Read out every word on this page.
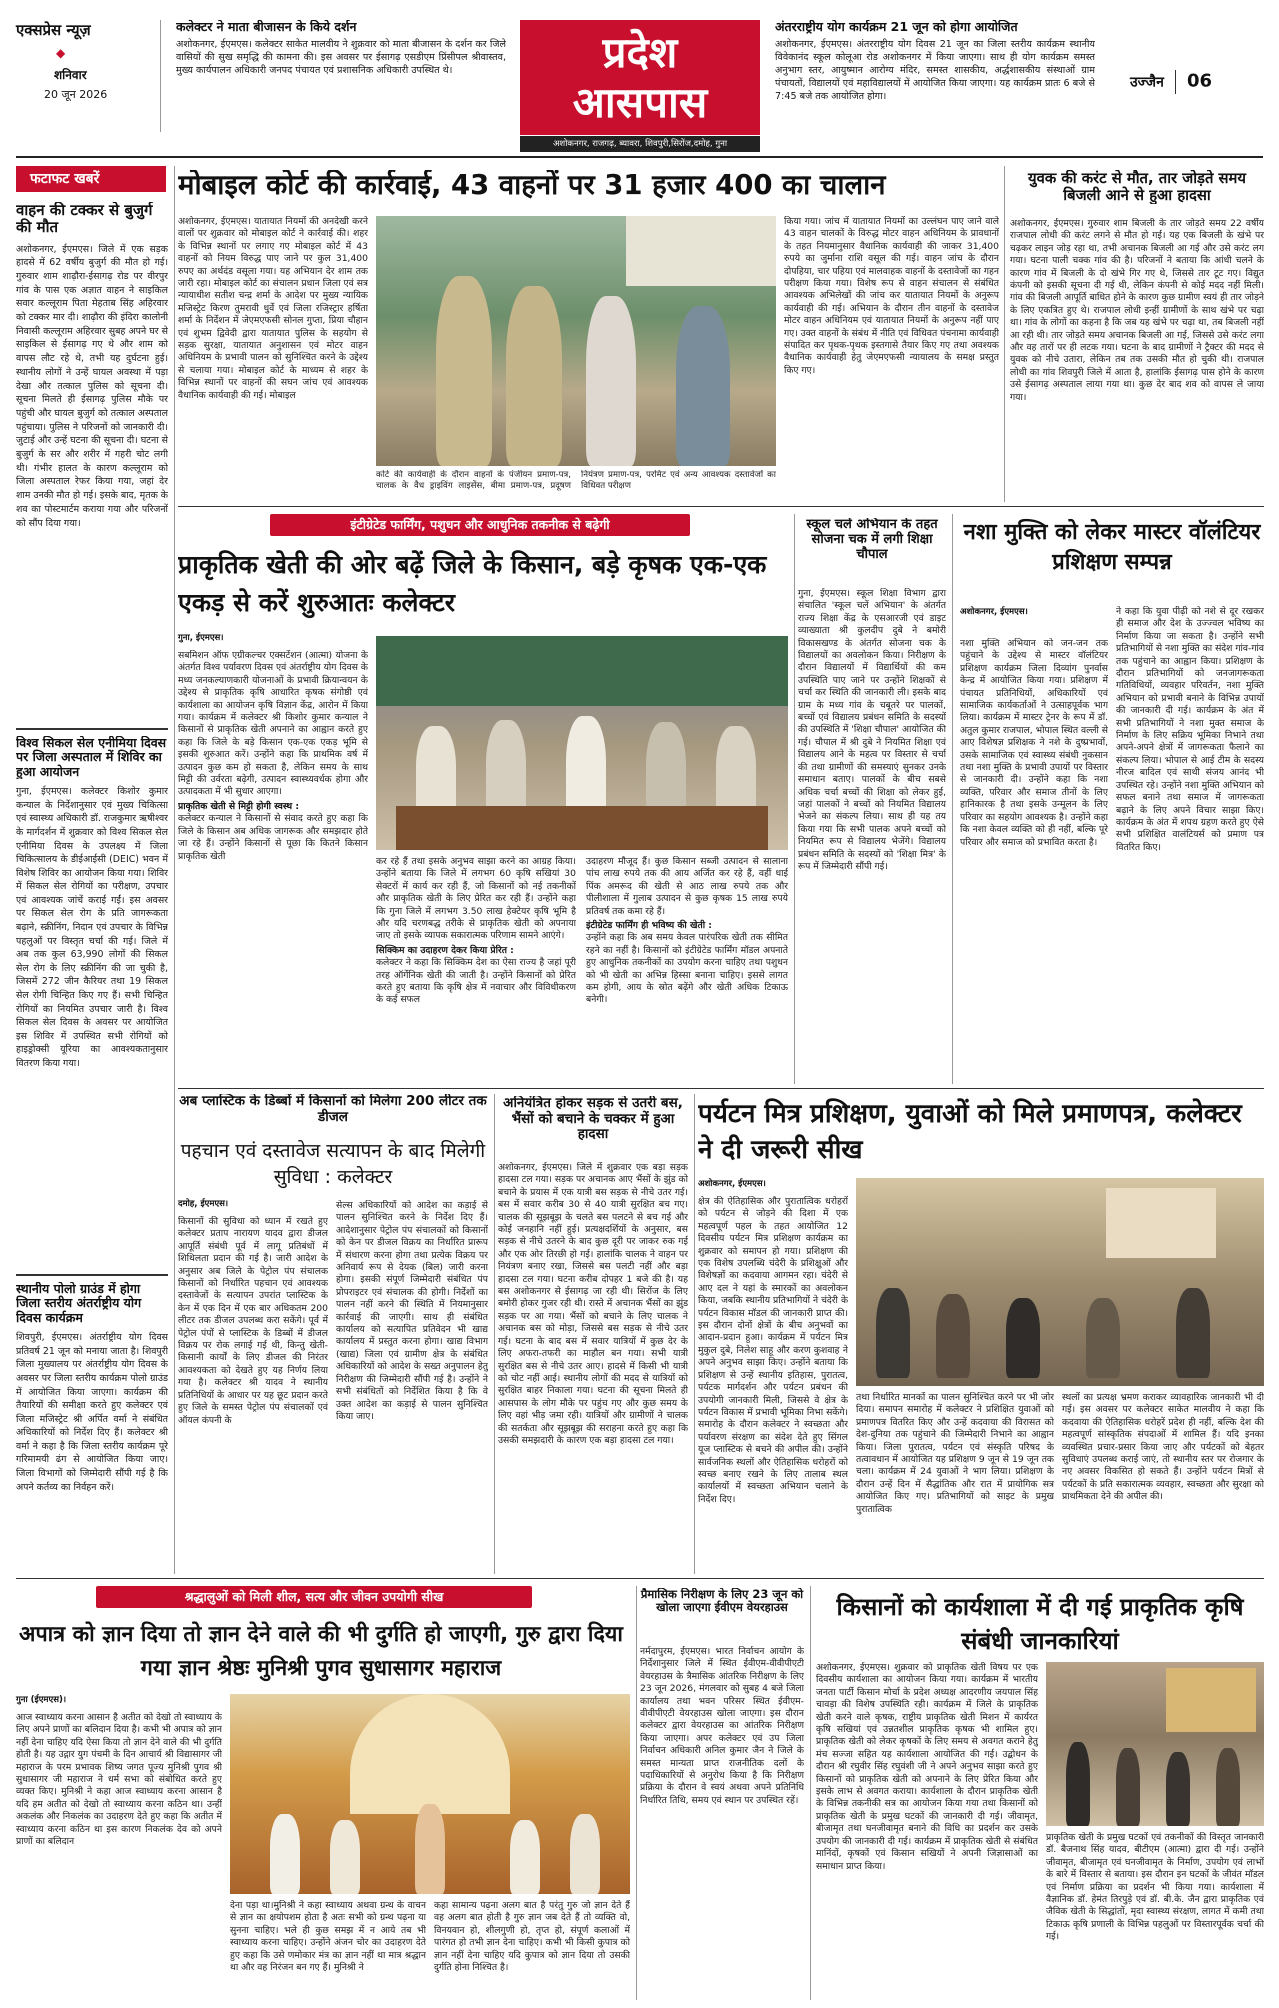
एक्सप्रेस न्यूज़
◆
शनिवार
20 जून 2026
कलेक्टर ने माता बीजासन के किये दर्शन
अशोकनगर, ईएमएस। कलेक्टर साकेत मालवीय ने शुक्रवार को माता बीजासन के दर्शन कर जिले वासियों की सुख समृद्धि की कामना की। इस अवसर पर ईसागढ़ एसडीएम प्रिंसीपल श्रीवास्तव, मुख्य कार्यपालन अधिकारी जनपद पंचायत एवं प्रशासनिक अधिकारी उपस्थित थे।	प्रदेश
आसपास
अशोकनगर, राजगढ़, ब्यावरा, शिवपुरी,सिरोंज,दमोह, गुना
अंतरराष्ट्रीय योग कार्यक्रम 21 जून को होगा आयोजित
अशोकनगर, ईएमएस। अंतरराष्ट्रीय योग दिवस 21 जून का जिला स्तरीय कार्यक्रम स्थानीय विवेकानंद स्कूल कोलूआ रोड अशोकनगर में किया जाएगा। साथ ही योग कार्यक्रम समस्त अनुभाग स्तर, आयुष्मान आरोग्य मंदिर, समस्त शासकीय, अर्द्धशासकीय संस्थाओं ग्राम पंचायतों, विद्यालयों एवं महाविद्यालयों में आयोजित किया जाएगा। यह कार्यक्रम प्रातः 6 बजे से 7:45 बजे तक आयोजित होगा।
उज्जैन 06
फटाफट खबरें
वाहन की टक्कर से बुजुर्ग की मौत
अशोकनगर, ईएमएस। जिले में एक सड़क हादसे में 62 वर्षीय बुजुर्ग की मौत हो गई। गुरुवार शाम शाढ़ौरा-ईसागढ़ रोड पर वीरपुर गांव के पास एक अज्ञात वाहन ने साइकिल सवार कल्लूराम पिता मेहताब सिंह अहिरवार को टक्कर मार दी। शाढ़ौरा की इंदिरा कालोनी निवासी कल्लूराम अहिरवार सुबह अपने घर से साइकिल से ईसागढ़ गए थे और शाम को वापस लौट रहे थे, तभी यह दुर्घटना हुई। स्थानीय लोगों ने उन्हें घायल अवस्था में पड़ा देखा और तत्काल पुलिस को सूचना दी। सूचना मिलते ही ईसागढ़ पुलिस मौके पर पहुंची और घायल बुजुर्ग को तत्काल अस्पताल पहुंचाया। पुलिस ने परिजनों को जानकारी दी। जुटाई और उन्हें घटना की सूचना दी। घटना से बुजुर्ग के सर और शरीर में गहरी चोट लगी थी। गंभीर हालत के कारण कल्लूराम को जिला अस्पताल रेफर किया गया, जहां देर शाम उनकी मौत हो गई। इसके बाद, मृतक के शव का पोस्टमार्टम कराया गया और परिजनों को सौंप दिया गया।
विश्व सिकल सेल एनीमिया दिवस पर जिला अस्पताल में शिविर का हुआ आयोजन
गुना, ईएमएस। कलेक्टर किशोर कुमार कन्याल के निर्देशानुसार एवं मुख्य चिकित्सा एवं स्वास्थ्य अधिकारी डॉ. राजकुमार ऋषीश्वर के मार्गदर्शन में शुक्रवार को विश्व सिकल सेल एनीमिया दिवस के उपलक्ष्य में जिला चिकित्सालय के डीईआईसी (DEIC) भवन में विशेष शिविर का आयोजन किया गया। शिविर में सिकल सेल रोगियों का परीक्षण, उपचार एवं आवश्यक जांचें कराई गईं। इस अवसर पर सिकल सेल रोग के प्रति जागरूकता बढ़ाने, स्क्रीनिंग, निदान एवं उपचार के विभिन्न पहलुओं पर विस्तृत चर्चा की गई। जिले में अब तक कुल 63,990 लोगों की सिकल सेल रोग के लिए स्क्रीनिंग की जा चुकी है, जिसमें 272 जीन कैरियर तथा 19 सिकल सेल रोगी चिन्हित किए गए हैं। सभी चिन्हित रोगियों का नियमित उपचार जारी है। विश्व सिकल सेल दिवस के अवसर पर आयोजित इस शिविर में उपस्थित सभी रोगियों को हाइड्रोक्सी यूरिया का आवश्यकतानुसार वितरण किया गया।
स्थानीय पोलो ग्राउंड में होगा जिला स्तरीय अंतर्राष्ट्रीय योग दिवस कार्यक्रम
शिवपुरी, ईएमएस। अंतर्राष्ट्रीय योग दिवस प्रतिवर्ष 21 जून को मनाया जाता है। शिवपुरी जिला मुख्यालय पर अंतर्राष्ट्रीय योग दिवस के अवसर पर जिला स्तरीय कार्यक्रम पोलो ग्राउंड में आयोजित किया जाएगा। कार्यक्रम की तैयारियों की समीक्षा करते हुए कलेक्टर एवं जिला मजिस्ट्रेट श्री अर्पित वर्मा ने संबंधित अधिकारियों को निर्देश दिए हैं। कलेक्टर श्री वर्मा ने कहा है कि जिला स्तरीय कार्यक्रम पूरे गरिमामयी ढंग से आयोजित किया जाए। जिला विभागों को जिम्मेदारी सौंपी गई है कि अपने कर्तव्य का निर्वहन करें।
मोबाइल कोर्ट की कार्रवाई, 43 वाहनों पर 31 हजार 400 का चालान
अशोकनगर, ईएमएस। यातायात नियमों की अनदेखी करने वालों पर शुक्रवार को मोबाइल कोर्ट ने कार्रवाई की। शहर के विभिन्न स्थानों पर लगाए गए मोबाइल कोर्ट में 43 वाहनों को नियम विरुद्ध पाए जाने पर कुल 31,400 रुपए का अर्थदंड वसूला गया। यह अभियान देर शाम तक जारी रहा। मोबाइल कोर्ट का संचालन प्रधान जिला एवं सत्र न्यायाधीश सतीश चन्द्र शर्मा के आदेश पर मुख्य न्यायिक मजिस्ट्रेट किरण तुमरावी धुर्वे एवं जिला रजिस्ट्रार हर्षिता शर्मा के निर्देशन में जेएमएफसी सोनल गुप्ता, प्रिया चौहान एवं शुभम द्विवेदी द्वारा यातायात पुलिस के सहयोग से सड़क सुरक्षा, यातायात अनुशासन एवं मोटर वाहन अधिनियम के प्रभावी पालन को सुनिश्चित करने के उद्देश्य से चलाया गया। मोबाइल कोर्ट के माध्यम से शहर के विभिन्न स्थानों पर वाहनों की सघन जांच एवं आवश्यक वैधानिक कार्यवाही की गई। मोबाइल
कोर्ट की कार्यवाही के दौरान वाहनों के पंजीयन प्रमाण-पत्र, चालक के वैध ड्राइविंग लाइसेंस, बीमा प्रमाण-पत्र, प्रदूषण नियंत्रण प्रमाण-पत्र, परमिट एवं अन्य आवश्यक दस्तावेजों का विधिवत परीक्षण
किया गया। जांच में यातायात नियमों का उल्लंघन पाए जाने वाले 43 वाहन चालकों के विरुद्ध मोटर वाहन अधिनियम के प्रावधानों के तहत नियमानुसार वैधानिक कार्यवाही की जाकर 31,400 रुपये का जुर्माना राशि वसूल की गई। वाहन जांच के दौरान दोपहिया, चार पहिया एवं मालवाहक वाहनों के दस्तावेजों का गहन परीक्षण किया गया। विशेष रूप से वाहन संचालन से संबंधित आवश्यक अभिलेखों की जांच कर यातायात नियमों के अनुरूप कार्यवाही की गई। अभियान के दौरान तीन वाहनों के दस्तावेज मोटर वाहन अधिनियम एवं यातायात नियमों के अनुरूप नहीं पाए गए। उक्त वाहनों के संबंध में नीति एवं विधिवत पंचनामा कार्यवाही संपादित कर पृथक-पृथक इस्तगासे तैयार किए गए तथा अवश्यक वैधानिक कार्यवाही हेतु जेएमएफसी न्यायालय के समक्ष प्रस्तुत किए गए।
युवक की करंट से मौत, तार जोड़ते समय बिजली आने से हुआ हादसा
अशोकनगर, ईएमएस। गुरुवार शाम बिजली के तार जोड़ते समय 22 वर्षीय राजपाल लोधी की करंट लगने से मौत हो गई। यह एक बिजली के खंभे पर चढ़कर लाइन जोड़ रहा था, तभी अचानक बिजली आ गई और उसे करंट लग गया। घटना पाली चक्क गांव की है। परिजनों ने बताया कि आंधी चलने के कारण गांव में बिजली के दो खंभे गिर गए थे, जिससे तार टूट गए। विद्युत कंपनी को इसकी सूचना दी गई थी, लेकिन कंपनी से कोई मदद नहीं मिली। गांव की बिजली आपूर्ति बाधित होने के कारण कुछ ग्रामीण स्वयं ही तार जोड़ने के लिए एकत्रित हुए थे। राजपाल लोधी इन्हीं ग्रामीणों के साथ खंभे पर चढ़ा था। गांव के लोगों का कहना है कि जब यह खंभे पर चढ़ा था, तब बिजली नहीं आ रही थी। तार जोड़ते समय अचानक बिजली आ गई, जिससे उसे करंट लगा और वह तारों पर ही लटक गया। घटना के बाद ग्रामीणों ने ट्रैक्टर की मदद से युवक को नीचे उतारा, लेकिन तब तक उसकी मौत हो चुकी थी। राजपाल लोधी का गांव शिवपुरी जिले में आता है, हालांकि ईसागढ़ पास होने के कारण उसे ईसागढ़ अस्पताल लाया गया था। कुछ देर बाद शव को वापस ले जाया गया।
इंटीग्रेटेड फार्मिंग, पशुधन और आधुनिक तकनीक से बढ़ेगी
प्राकृतिक खेती की ओर बढ़ें जिले के किसान, बड़े कृषक एक-एक एकड़ से करें शुरुआतः कलेक्टर
गुना, ईएमएस।
सबमिशन ऑफ एग्रीकल्चर एक्सटेंशन (आत्मा) योजना के अंतर्गत विश्व पर्यावरण दिवस एवं अंतर्राष्ट्रीय योग दिवस के मध्य जनकल्याणकारी योजनाओं के प्रभावी क्रियान्वयन के उद्देश्य से प्राकृतिक कृषि आधारित कृषक संगोष्ठी एवं कार्यशाला का आयोजन कृषि विज्ञान केंद्र, आरोन में किया गया। कार्यक्रम में कलेक्टर श्री किशोर कुमार कन्याल ने किसानों से प्राकृतिक खेती अपनाने का आह्वान करते हुए कहा कि जिले के बड़े किसान एक-एक एकड़ भूमि से इसकी शुरुआत करें। उन्होंने कहा कि प्राथमिक वर्ष में उत्पादन कुछ कम हो सकता है, लेकिन समय के साथ मिट्टी की उर्वरता बढ़ेगी, उत्पादन स्वास्थ्यवर्धक होगा और उत्पादकता में भी सुधार आएगा।
प्राकृतिक खेती से मिट्टी होगी स्वस्थ :
कलेक्टर कन्याल ने किसानों से संवाद करते हुए कहा कि जिले के किसान अब अधिक जागरूक और समझदार होते जा रहे हैं। उन्होंने किसानों से पूछा कि कितने किसान प्राकृतिक खेती	कर रहे हैं तथा इसके अनुभव साझा करने का आग्रह किया। उन्होंने बताया कि जिले में लगभग 60 कृषि सखियां 30 सेक्टरों में कार्य कर रही हैं, जो किसानों को नई तकनीकों और प्राकृतिक खेती के लिए प्रेरित कर रही हैं। उन्होंने कहा कि गुना जिले में लगभग 3.50 लाख हेक्टेयर कृषि भूमि है और यदि चरणबद्ध तरीके से प्राकृतिक खेती को अपनाया जाए तो इसके व्यापक सकारात्मक परिणाम सामने आएंगे।
सिक्किम का उदाहरण देकर किया प्रेरित :
कलेक्टर ने कहा कि सिक्किम देश का ऐसा राज्य है जहां पूरी तरह ऑर्गेनिक खेती की जाती है। उन्होंने किसानों को प्रेरित करते हुए बताया कि कृषि क्षेत्र में नवाचार और विविधीकरण के कई सफल
उदाहरण मौजूद हैं। कुछ किसान सब्जी उत्पादन से सालाना पांच लाख रुपये तक की आय अर्जित कर रहे हैं, वहीं धाई पिंक अमरूद की खेती से आठ लाख रुपये तक और पीलीशाला में गुलाब उत्पादन से कुछ कृषक 15 लाख रुपये प्रतिवर्ष तक कमा रहे हैं।
इंटीग्रेटेड फार्मिंग ही भविष्य की खेती :
उन्होंने कहा कि अब समय केवल पारंपरिक खेती तक सीमित रहने का नहीं है। किसानों को इंटीग्रेटेड फार्मिंग मॉडल अपनाते हुए आधुनिक तकनीकों का उपयोग करना चाहिए तथा पशुधन को भी खेती का अभिन्न हिस्सा बनाना चाहिए। इससे लागत कम होगी, आय के स्रोत बढ़ेंगे और खेती अधिक टिकाऊ बनेगी।
स्कूल चलें अभियान के तहत सोजना चक में लगी शिक्षा चौपाल
गुना, ईएमएस। स्कूल शिक्षा विभाग द्वारा संचालित 'स्कूल चलें अभियान' के अंतर्गत राज्य शिक्षा केंद्र के एसआरजी एवं डाइट व्याख्याता श्री कुलदीप दुबे ने बमोरी विकासखण्ड के अंतर्गत सोजना चक के विद्यालयों का अवलोकन किया। निरीक्षण के दौरान विद्यालयों में विद्यार्थियों की कम उपस्थिति पाए जाने पर उन्होंने शिक्षकों से चर्चा कर स्थिति की जानकारी ली। इसके बाद ग्राम के मध्य गांव के चबूतरे पर पालकों, बच्चों एवं विद्यालय प्रबंधन समिति के सदस्यों की उपस्थिति में 'शिक्षा चौपाल' आयोजित की गई। चौपाल में श्री दुबे ने नियमित शिक्षा एवं विद्यालय आने के महत्व पर विस्तार से चर्चा की तथा ग्रामीणों की समस्याएं सुनकर उनके समाधान बताए। पालकों के बीच सबसे अधिक चर्चा बच्चों की शिक्षा को लेकर हुई, जहां पालकों ने बच्चों को नियमित विद्यालय भेजने का संकल्प लिया। साथ ही यह तय किया गया कि सभी पालक अपने बच्चों को नियमित रूप से विद्यालय भेजेंगे। विद्यालय प्रबंधन समिति के सदस्यों को 'शिक्षा मित्र' के रूप में जिम्मेदारी सौंपी गई।
नशा मुक्ति को लेकर मास्टर वॉलंटियर प्रशिक्षण सम्पन्न
अशोकनगर, ईएमएस।
नशा मुक्ति अभियान को जन-जन तक पहुंचाने के उद्देश्य से मास्टर वॉलंटियर प्रशिक्षण कार्यक्रम जिला दिव्यांग पुनर्वास केन्द्र में आयोजित किया गया। प्रशिक्षण में पंचायत प्रतिनिधियों, अधिकारियों एवं सामाजिक कार्यकर्ताओं ने उत्साहपूर्वक भाग लिया। कार्यक्रम में मास्टर ट्रेनर के रूप में डॉ. अतुल कुमार राजपाल, भोपाल स्थित वल्ली से आए विशेषज्ञ प्रशिक्षक ने नशे के दुष्प्रभावों, उसके सामाजिक एवं स्वास्थ्य संबंधी नुकसान तथा नशा मुक्ति के प्रभावी उपायों पर विस्तार से जानकारी दी। उन्होंने कहा कि नशा व्यक्ति, परिवार और समाज तीनों के लिए हानिकारक है तथा इसके उन्मूलन के लिए परिवार का सहयोग आवश्यक है। उन्होंने कहा कि नशा केवल व्यक्ति को ही नहीं, बल्कि पूरे परिवार और समाज को प्रभावित करता है।
ने कहा कि युवा पीढ़ी को नशे से दूर रखकर ही समाज और देश के उज्ज्वल भविष्य का निर्माण किया जा सकता है। उन्होंने सभी प्रतिभागियों से नशा मुक्ति का संदेश गांव-गांव तक पहुंचाने का आह्वान किया। प्रशिक्षण के दौरान प्रतिभागियों को जनजागरूकता गतिविधियों, व्यवहार परिवर्तन, नशा मुक्ति अभियान को प्रभावी बनाने के विभिन्न उपायों की जानकारी दी गई। कार्यक्रम के अंत में सभी प्रतिभागियों ने नशा मुक्त समाज के निर्माण के लिए सक्रिय भूमिका निभाने तथा अपने-अपने क्षेत्रों में जागरूकता फैलाने का संकल्प लिया। भोपाल से आई टीम के सदस्य नीरज बादिल एवं साथी संजय आनंद भी उपस्थित रहे। उन्होंने नशा मुक्ति अभियान को सफल बनाने तथा समाज में जागरूकता बढ़ाने के लिए अपने विचार साझा किए। कार्यक्रम के अंत में शपथ ग्रहण करते हुए ऐसे सभी प्रशिक्षित वालंटियर्स को प्रमाण पत्र वितरित किए।
अब प्लास्टिक के डिब्बों में किसानों को मिलेगा 200 लीटर तक डीजल
पहचान एवं दस्तावेज सत्यापन के बाद मिलेगी सुविधा : कलेक्टर
दमोह, ईएमएस।
किसानों की सुविधा को ध्यान में रखते हुए कलेक्टर प्रताप नारायण यादव द्वारा डीजल आपूर्ति संबंधी पूर्व में लागू प्रतिबंधों में शिथिलता प्रदान की गई है। जारी आदेश के अनुसार अब जिले के पेट्रोल पंप संचालक किसानों को निर्धारित पहचान एवं आवश्यक दस्तावेजों के सत्यापन उपरांत प्लास्टिक के केन में एक दिन में एक बार अधिकतम 200 लीटर तक डीजल उपलब्ध करा सकेंगे। पूर्व में पेट्रोल पंपों से प्लास्टिक के डिब्बों में डीजल विक्रय पर रोक लगाई गई थी, किन्तु खेती-किसानी कार्यों के लिए डीजल की निरंतर आवश्यकता को देखते हुए यह निर्णय लिया गया है। कलेक्टर श्री यादव ने स्थानीय प्रतिनिधियों के आधार पर यह छूट प्रदान करते हुए जिले के समस्त पेट्रोल पंप संचालकों एवं ऑयल कंपनी के
सेल्स अधिकारियों को आदेश का कड़ाई से पालन सुनिश्चित करने के निर्देश दिए हैं। आदेशानुसार पेट्रोल पंप संचालकों को किसानों को केन पर डीजल विक्रय का निर्धारित प्रारूप में संधारण करना होगा तथा प्रत्येक विक्रय पर अनिवार्य रूप से देयक (बिल) जारी करना होगा। इसकी संपूर्ण जिम्मेदारी संबंधित पंप प्रोपराइटर एवं संचालक की होगी। निर्देशों का पालन नहीं करने की स्थिति में नियमानुसार कार्रवाई की जाएगी। साथ ही संबंधित कार्यालय को सत्यापित प्रतिवेदन भी खाद्य कार्यालय में प्रस्तुत करना होगा। खाद्य विभाग (खाद्य) जिला एवं ग्रामीण क्षेत्र के संबंधित अधिकारियों को आदेश के सख्त अनुपालन हेतु निरीक्षण की जिम्मेदारी सौंपी गई है। उन्होंने ने सभी संबंधितों को निर्देशित किया है कि वे उक्त आदेश का कड़ाई से पालन सुनिश्चित किया जाए।
अनियंत्रित होकर सड़क से उतरी बस, भैंसों को बचाने के चक्कर में हुआ हादसा
अशोकनगर, ईएमएस। जिले में शुक्रवार एक बड़ा सड़क हादसा टल गया। सड़क पर अचानक आए भैंसों के झुंड को बचाने के प्रयास में एक यात्री बस सड़क से नीचे उतर गई। बस में सवार करीब 30 से 40 यात्री सुरक्षित बच गए। चालक की सूझबूझ के चलते बस पलटने से बच गई और कोई जनहानि नहीं हुई। प्रत्यक्षदर्शियों के अनुसार, बस सड़क से नीचे उतरने के बाद कुछ दूरी पर जाकर रुक गई और एक ओर तिरछी हो गई। हालांकि चालक ने वाहन पर नियंत्रण बनाए रखा, जिससे बस पलटी नहीं और बड़ा हादसा टल गया। घटना करीब दोपहर 1 बजे की है। यह बस अशोकनगर से ईसागढ़ जा रही थी। सिरोंज के लिए बमोरी होकर गुजर रही थी। रास्ते में अचानक भैंसों का झुंड सड़क पर आ गया। भैंसों को बचाने के लिए चालक ने अचानक बस को मोड़ा, जिससे बस सड़क से नीचे उतर गई। घटना के बाद बस में सवार यात्रियों में कुछ देर के लिए अफरा-तफरी का माहौल बन गया। सभी यात्री सुरक्षित बस से नीचे उतर आए। हादसे में किसी भी यात्री को चोट नहीं आई। स्थानीय लोगों की मदद से यात्रियों को सुरक्षित बाहर निकाला गया। घटना की सूचना मिलते ही आसपास के लोग मौके पर पहुंच गए और कुछ समय के लिए वहां भीड़ जमा रही। यात्रियों और ग्रामीणों ने चालक की सतर्कता और सूझबूझ की सराहना करते हुए कहा कि उसकी समझदारी के कारण एक बड़ा हादसा टल गया।
पर्यटन मित्र प्रशिक्षण, युवाओं को मिले प्रमाणपत्र, कलेक्टर ने दी जरूरी सीख
अशोकनगर, ईएमएस।
क्षेत्र की ऐतिहासिक और पुरातात्विक धरोहरों को पर्यटन से जोड़ने की दिशा में एक महत्वपूर्ण पहल के तहत आयोजित 12 दिवसीय पर्यटन मित्र प्रशिक्षण कार्यक्रम का शुक्रवार को समापन हो गया। प्रशिक्षण की एक विशेष उपलब्धि चंदेरी के प्रशिक्षुओं और विशेषज्ञों का कदवाया आगमन रहा। चंदेरी से आए दल ने यहां के स्मारकों का अवलोकन किया, जबकि स्थानीय प्रतिभागियों ने चंदेरी के पर्यटन विकास मॉडल की जानकारी प्राप्त की। इस दौरान दोनों क्षेत्रों के बीच अनुभवों का आदान-प्रदान हुआ। कार्यक्रम में पर्यटन मित्र मुकुल दुबे, निलेश साहू और करण कुशवाह ने अपने अनुभव साझा किए। उन्होंने बताया कि प्रशिक्षण से उन्हें स्थानीय इतिहास, पुरातत्व, पर्यटक मार्गदर्शन और पर्यटन प्रबंधन की उपयोगी जानकारी मिली, जिससे वे क्षेत्र के पर्यटन विकास में प्रभावी भूमिका निभा सकेंगे। समारोह के दौरान कलेक्टर ने स्वच्छता और पर्यावरण संरक्षण का संदेश देते हुए सिंगल यूज प्लास्टिक से बचने की अपील की। उन्होंने सार्वजनिक स्थलों और ऐतिहासिक धरोहरों को स्वच्छ बनाए रखने के लिए तालाब स्थल कार्यालयों में स्वच्छता अभियान चलाने के निर्देश दिए।
तथा निर्धारित मानकों का पालन सुनिश्चित करने पर भी जोर दिया। समापन समारोह में कलेक्टर ने प्रशिक्षित युवाओं को प्रमाणपत्र वितरित किए और उन्हें कदवाया की विरासत को देश-दुनिया तक पहुंचाने की जिम्मेदारी निभाने का आह्वान किया। जिला पुरातत्व, पर्यटन एवं संस्कृति परिषद के तत्वावधान में आयोजित यह प्रशिक्षण 9 जून से 19 जून तक चला। कार्यक्रम में 24 युवाओं ने भाग लिया। प्रशिक्षण के दौरान उन्हें दिन में सैद्धांतिक और रात में प्रायोगिक सत्र आयोजित किए गए। प्रतिभागियों को साइट के प्रमुख पुरातात्विक
स्थलों का प्रत्यक्ष भ्रमण कराकर व्यावहारिक जानकारी भी दी गई। इस अवसर पर कलेक्टर साकेत मालवीय ने कहा कि कदवाया की ऐतिहासिक धरोहरें प्रदेश ही नहीं, बल्कि देश की महत्वपूर्ण सांस्कृतिक संपदाओं में शामिल हैं। यदि इनका व्यवस्थित प्रचार-प्रसार किया जाए और पर्यटकों को बेहतर सुविधाएं उपलब्ध कराई जाएं, तो स्थानीय स्तर पर रोजगार के नए अवसर विकसित हो सकते हैं। उन्होंने पर्यटन मित्रों से पर्यटकों के प्रति सकारात्मक व्यवहार, स्वच्छता और सुरक्षा को प्राथमिकता देने की अपील की।
श्रद्धालुओं को मिली शील, सत्य और जीवन उपयोगी सीख
अपात्र को ज्ञान दिया तो ज्ञान देने वाले की भी दुर्गति हो जाएगी, गुरु द्वारा दिया गया ज्ञान श्रेष्ठः मुनिश्री पुगव सुधासागर महाराज
गुना (ईएमएस)।
आज स्वाध्याय करना आसान है अतीत को देखो तो स्वाध्याय के लिए अपने प्राणों का बलिदान दिया है। कभी भी अपात्र को ज्ञान नहीं देना चाहिए यदि ऐसा किया तो ज्ञान देने वाले की भी दुर्गति होती है। यह उद्गार युग पंचमी के दिन आचार्य श्री विद्यासागर जी महाराज के परम प्रभावक शिष्य जगत पूज्य मुनिश्री पुगव श्री सुधासागर जी महाराज ने धर्म सभा को संबोधित करते हुए व्यक्त किए। मुनिश्री ने कहा आज स्वाध्याय करना आसान है यदि हम अतीत को देखो तो स्वाध्याय करना कठिन था। उन्हीं अकलंक और निकलंक का उदाहरण देते हुए कहा कि अतीत में स्वाध्याय करना कठिन था इस कारण निकलंक देव को अपने प्राणों का बलिदान
देना पड़ा था।मुनिश्री ने कहा स्वाध्याय अथवा ग्रन्थ के वाचन से ज्ञान का क्षयोपशम होता है अतः सभी को ग्रन्थ पढ़ना या सुनना चाहिए। भले ही कुछ समझ में न आये तब भी स्वाध्याय करना चाहिए। उन्होंने अंजन चोर का उदाहरण देते हुए कहा कि उसे णमोकार मंत्र का ज्ञान नहीं था मात्र श्रद्धान था और वह निरंजन बन गए हैं। मुनिश्री ने
कहा सामान्य पढ़ना अलग बात है परंतु गुरु जो ज्ञान देते हैं वह अलग बात होती है गुरु ज्ञान जब देते हैं तो व्यक्ति वो, विनयवान हो, शीलगुणी हो, तृप्त हो, संपूर्ण कलाओं में पारंगत हो तभी ज्ञान देना चाहिए। कभी भी किसी कुपात्र को ज्ञान नहीं देना चाहिए यदि कुपात्र को ज्ञान दिया तो उसकी दुर्गति होना निश्चित है।
प्रैमासिक निरीक्षण के लिए 23 जून को खोला जाएगा ईवीएम वेयरहाउस
नर्मदापुरम, ईएमएस। भारत निर्वाचन आयोग के निर्देशानुसार जिले में स्थित ईवीएम-वीवीपीएटी वेयरहाउस के त्रैमासिक आंतरिक निरीक्षण के लिए 23 जून 2026, मंगलवार को सुबह 4 बजे जिला कार्यालय तथा भवन परिसर स्थित ईवीएम-वीवीपीएटी वेयरहाउस खोला जाएगा। इस दौरान कलेक्टर द्वारा वेयरहाउस का आंतरिक निरीक्षण किया जाएगा। अपर कलेक्टर एवं उप जिला निर्वाचन अधिकारी अनिल कुमार जैन ने जिले के समस्त मान्यता प्राप्त राजनीतिक दलों के पदाधिकारियों से अनुरोध किया है कि निरीक्षण प्रक्रिया के दौरान वे स्वयं अथवा अपने प्रतिनिधि निर्धारित तिथि, समय एवं स्थान पर उपस्थित रहें।
किसानों को कार्यशाला में दी गई प्राकृतिक कृषि संबंधी जानकारियां
अशोकनगर, ईएमएस। शुक्रवार को प्राकृतिक खेती विषय पर एक दिवसीय कार्यशाला का आयोजन किया गया। कार्यक्रम में भारतीय जनता पार्टी किसान मोर्चा के प्रदेश अध्यक्ष आदरणीय जयपाल सिंह चावड़ा की विशेष उपस्थिति रही। कार्यक्रम में जिले के प्राकृतिक खेती करने वाले कृषक, राष्ट्रीय प्राकृतिक खेती मिशन में कार्यरत कृषि सखियां एवं उन्नतशील प्राकृतिक कृषक भी शामिल हुए। प्राकृतिक खेती को लेकर कृषकों के लिए समय से अवगत कराने हेतु मंच सज्जा सहित यह कार्यशाला आयोजित की गई। उद्बोधन के दौरान श्री रघुवीर सिंह रघुवंशी जी ने अपने अनुभव साझा करते हुए किसानों को प्राकृतिक खेती को अपनाने के लिए प्रेरित किया और इसके लाभ से अवगत कराया। कार्यशाला के दौरान प्राकृतिक खेती के विभिन्न तकनीकी सत्र का आयोजन किया गया तथा किसानों को प्राकृतिक खेती के प्रमुख घटकों की जानकारी दी गई। जीवामृत, बीजामृत तथा घनजीवामृत बनाने की विधि का प्रदर्शन कर उसके उपयोग की जानकारी दी गई। कार्यक्रम में प्राकृतिक खेती से संबंधित मानिंदों, कृषकों एवं किसान सखियों ने अपनी जिज्ञासाओं का समाधान प्राप्त किया।
प्राकृतिक खेती के प्रमुख घटकों एवं तकनीकों की विस्तृत जानकारी डॉ. बैजनाथ सिंह यादव, बीटीएम (आत्मा) द्वारा दी गई। उन्होंने जीवामृत, बीजामृत एवं घनजीवामृत के निर्माण, उपयोग एवं लाभों के बारे में विस्तार से बताया। इस दौरान इन घटकों के जीवंत मॉडल एवं निर्माण प्रक्रिया का प्रदर्शन भी किया गया। कार्यशाला में वैज्ञानिक डॉ. हेमंत तिरपुड़े एवं डॉ. बी.के. जैन द्वारा प्राकृतिक एवं जैविक खेती के सिद्धांतों, मृदा स्वास्थ्य संरक्षण, लागत में कमी तथा टिकाऊ कृषि प्रणाली के विभिन्न पहलुओं पर विस्तारपूर्वक चर्चा की गई।
